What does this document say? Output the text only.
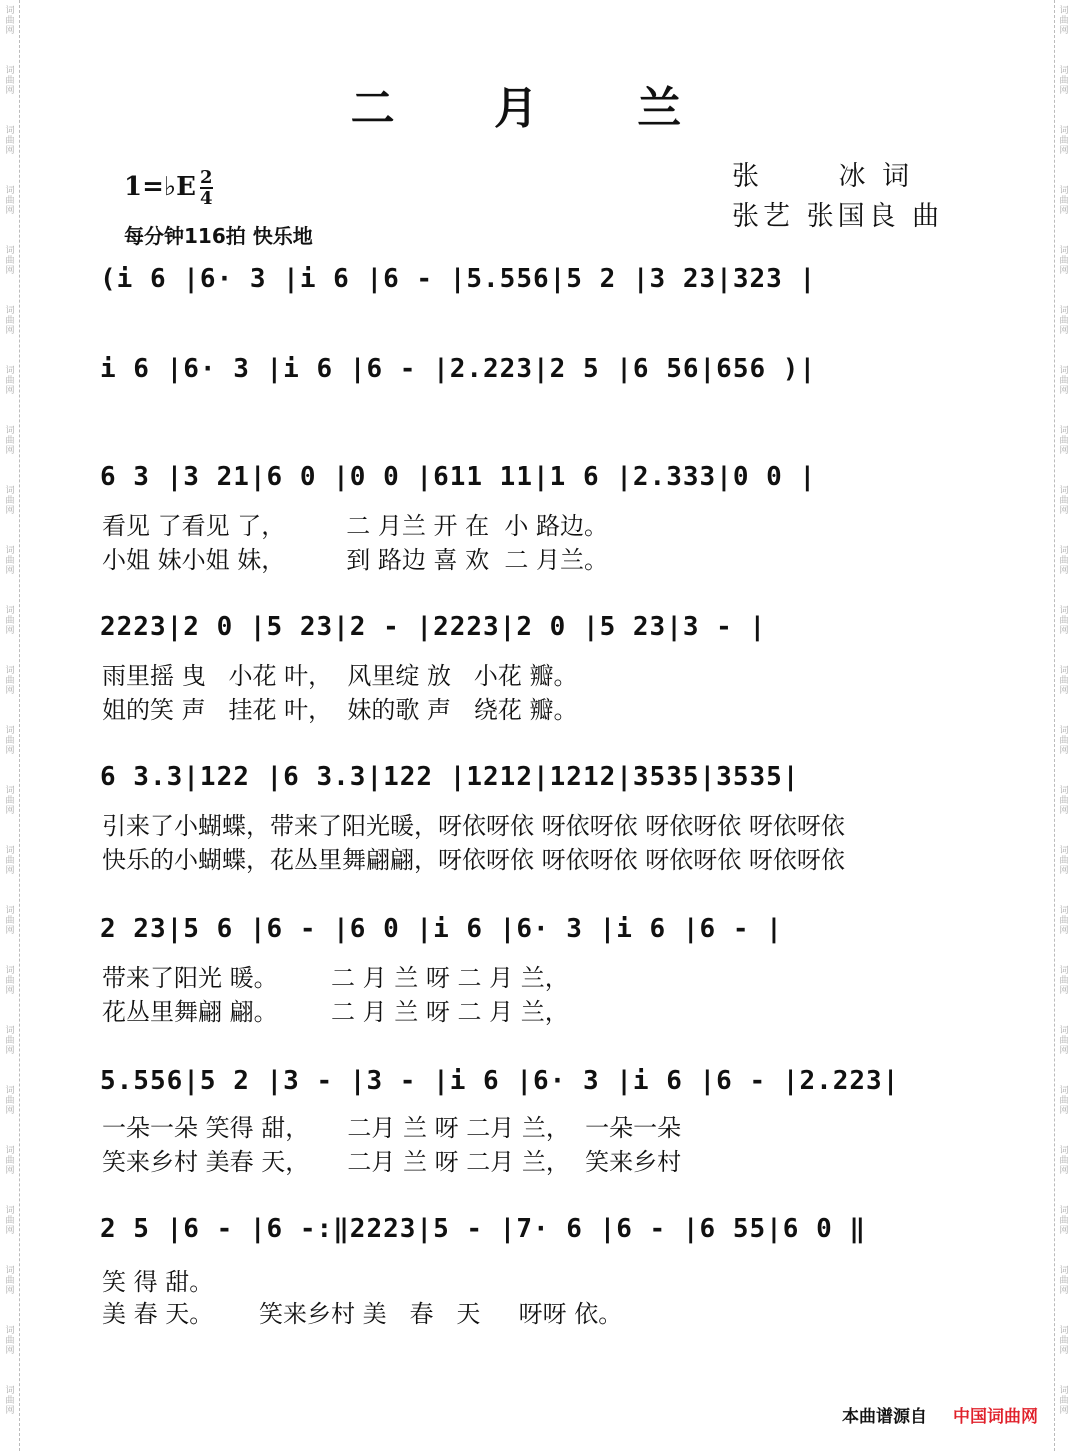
词
曲
网
词
曲
网
词
曲
网
词
曲
网
词
曲
网
词
曲
网
词
曲
网
词
曲
网
词
曲
网
词
曲
网
词
曲
网
词
曲
网
词
曲
网
词
曲
网
词
曲
网
词
曲
网
词
曲
网
词
曲
网
词
曲
网
词
曲
网
词
曲
网
词
曲
网
词
曲
网
词
曲
网
词
曲
网
词
曲
网
词
曲
网
词
曲
网
词
曲
网
词
曲
网
词
曲
网
词
曲
网
词
曲
网
词
曲
网
词
曲
网
词
曲
网
词
曲
网
词
曲
网
词
曲
网
词
曲
网
词
曲
网
词
曲
网
词
曲
网
词
曲
网
词
曲
网
词
曲
网
词
曲
网
词
曲
网
二 月 兰
1=♭E $\frac{2}{4}$
每分钟116拍 快乐地
张      冰 词
张艺 张国良 曲
(i 6 |6· 3 |i 6 |6 - |5.556|5 2 |3 23|323 |
i 6 |6· 3 |i 6 |6 - |2.223|2 5 |6 56|656 )|
6 3 |3 21|6 0 |0 0 |611 11|1 6 |2.333|0 0 |
看见 了看见 了，        二 月兰 开 在  小 路边。
小姐 妹小姐 妹，        到 路边 喜 欢  二 月兰。
2223|2 0 |5 23|2 - |2223|2 0 |5 23|3 - |
雨里摇 曳   小花 叶，  风里绽 放   小花 瓣。
姐的笑 声   挂花 叶，  妹的歌 声   绕花 瓣。
6 3.3|122 |6 3.3|122 |1212|1212|3535|3535|
引来了小蝴蝶，带来了阳光暖，呀依呀依 呀依呀依 呀依呀依 呀依呀依
快乐的小蝴蝶，花丛里舞翩翩，呀依呀依 呀依呀依 呀依呀依 呀依呀依
2 23|5 6 |6 - |6 0 |i 6 |6· 3 |i 6 |6 - |
带来了阳光 暖。       二 月 兰 呀 二 月 兰，
花丛里舞翩 翩。       二 月 兰 呀 二 月 兰，
5.556|5 2 |3 - |3 - |i 6 |6· 3 |i 6 |6 - |2.223|
一朵一朵 笑得 甜，     二月 兰 呀 二月 兰，  一朵一朵
笑来乡村 美春 天，     二月 兰 呀 二月 兰，  笑来乡村
2 5 |6 - |6 -:‖2223|5 - |7· 6 |6 - |6 55|6 0 ‖
笑 得 甜。
美 春 天。      笑来乡村 美   春   天     呀呀 依。
本曲谱源自 中国词曲网
